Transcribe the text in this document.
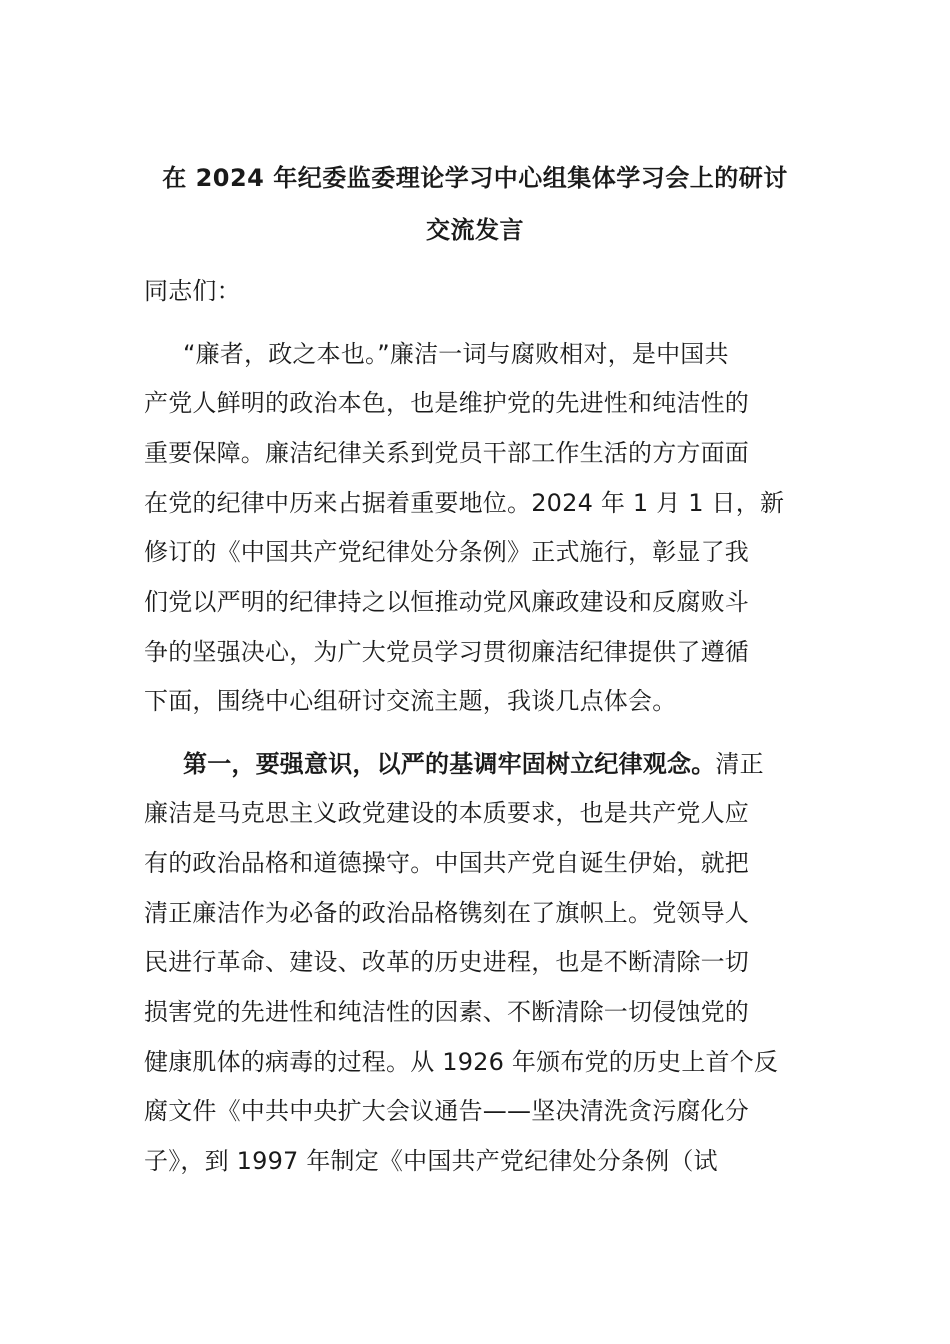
在 2024 年纪委监委理论学习中心组集体学习会上的研讨
交流发言
同志们：
“廉者，政之本也。”廉洁一词与腐败相对，是中国共
产党人鲜明的政治本色，也是维护党的先进性和纯洁性的
重要保障。廉洁纪律关系到党员干部工作生活的方方面面
在党的纪律中历来占据着重要地位。2024 年 1 月 1 日，新
修订的《中国共产党纪律处分条例》正式施行，彰显了我
们党以严明的纪律持之以恒推动党风廉政建设和反腐败斗
争的坚强决心，为广大党员学习贯彻廉洁纪律提供了遵循
下面，围绕中心组研讨交流主题，我谈几点体会。
第一，要强意识，以严的基调牢固树立纪律观念。清正
廉洁是马克思主义政党建设的本质要求，也是共产党人应
有的政治品格和道德操守。中国共产党自诞生伊始，就把
清正廉洁作为必备的政治品格镌刻在了旗帜上。党领导人
民进行革命、建设、改革的历史进程，也是不断清除一切
损害党的先进性和纯洁性的因素、不断清除一切侵蚀党的
健康肌体的病毒的过程。从 1926 年颁布党的历史上首个反
腐文件《中共中央扩大会议通告——坚决清洗贪污腐化分
子》，到 1997 年制定《中国共产党纪律处分条例（试
